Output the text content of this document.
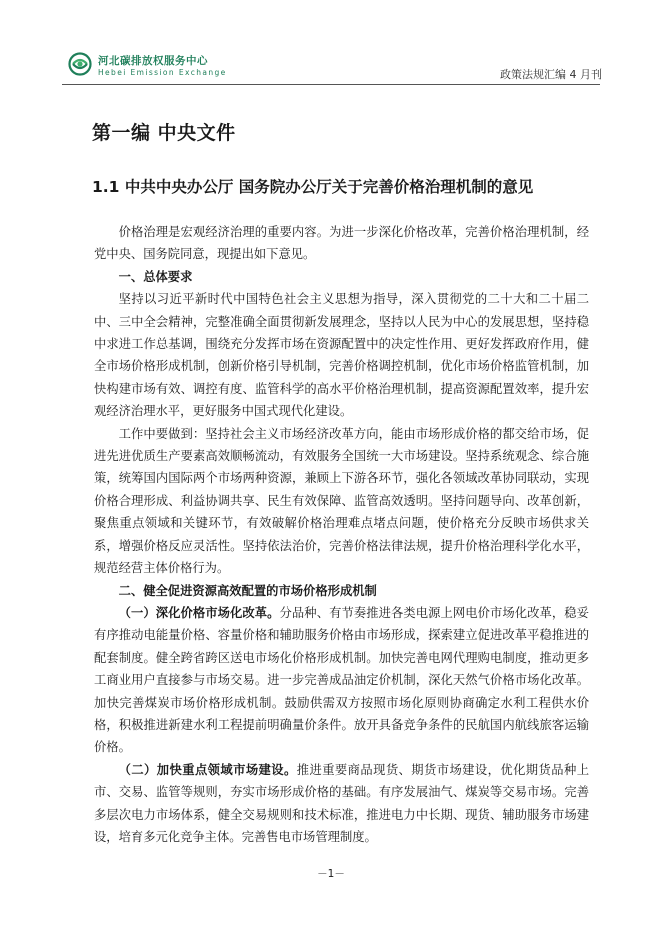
河北碳排放权服务中心
Hebei Emission Exchange	政策法规汇编 4 月刊
第一编 中央文件
1.1 中共中央办公厅 国务院办公厅关于完善价格治理机制的意见

价格治理是宏观经济治理的重要内容。为进一步深化价格改革，完善价格治理机制，经党中央、国务院同意，现提出如下意见。

一、总体要求

坚持以习近平新时代中国特色社会主义思想为指导，深入贯彻党的二十大和二十届二中、三中全会精神，完整准确全面贯彻新发展理念，坚持以人民为中心的发展思想，坚持稳中求进工作总基调，围绕充分发挥市场在资源配置中的决定性作用、更好发挥政府作用，健全市场价格形成机制，创新价格引导机制，完善价格调控机制，优化市场价格监管机制，加快构建市场有效、调控有度、监管科学的高水平价格治理机制，提高资源配置效率，提升宏观经济治理水平，更好服务中国式现代化建设。

工作中要做到：坚持社会主义市场经济改革方向，能由市场形成价格的都交给市场，促进先进优质生产要素高效顺畅流动，有效服务全国统一大市场建设。坚持系统观念、综合施策，统筹国内国际两个市场两种资源，兼顾上下游各环节，强化各领域改革协同联动，实现价格合理形成、利益协调共享、民生有效保障、监管高效透明。坚持问题导向、改革创新，聚焦重点领域和关键环节，有效破解价格治理难点堵点问题，使价格充分反映市场供求关系，增强价格反应灵活性。坚持依法治价，完善价格法律法规，提升价格治理科学化水平，规范经营主体价格行为。

二、健全促进资源高效配置的市场价格形成机制

（一）深化价格市场化改革。分品种、有节奏推进各类电源上网电价市场化改革，稳妥有序推动电能量价格、容量价格和辅助服务价格由市场形成，探索建立促进改革平稳推进的配套制度。健全跨省跨区送电市场化价格形成机制。加快完善电网代理购电制度，推动更多工商业用户直接参与市场交易。进一步完善成品油定价机制，深化天然气价格市场化改革。加快完善煤炭市场价格形成机制。鼓励供需双方按照市场化原则协商确定水利工程供水价格，积极推进新建水利工程提前明确量价条件。放开具备竞争条件的民航国内航线旅客运输价格。

（二）加快重点领域市场建设。推进重要商品现货、期货市场建设，优化期货品种上市、交易、监管等规则，夯实市场形成价格的基础。有序发展油气、煤炭等交易市场。完善多层次电力市场体系，健全交易规则和技术标准，推进电力中长期、现货、辅助服务市场建设，培育多元化竞争主体。完善售电市场管理制度。

－1－
